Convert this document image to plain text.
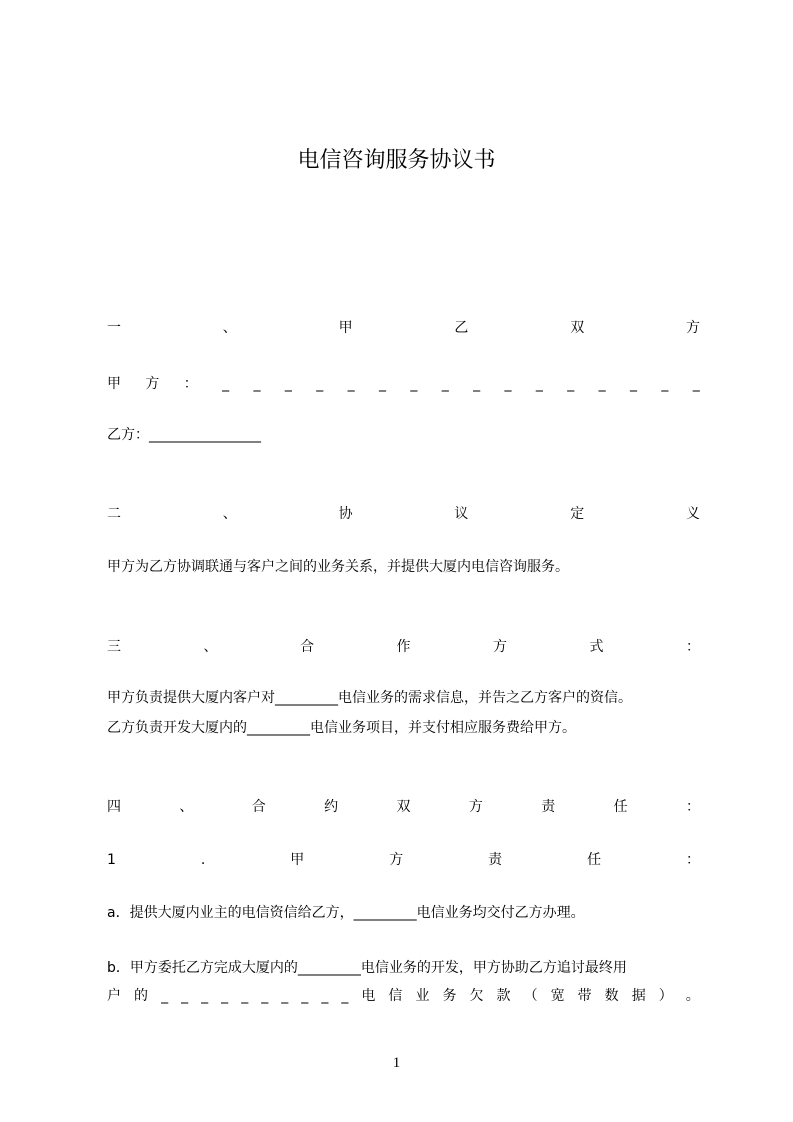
电信咨询服务协议书
一	、	甲	乙	双	方
甲 方 ： _ _ _ _ _ _ _ _ _ _ _ _ _ _ _ _
乙方：________________
二	、	协	议	定	义
甲方为乙方协调联通与客户之间的业务关系，并提供大厦内电信咨询服务。
三	、	合	作	方	式	：
甲方负责提供大厦内客户对_________电信业务的需求信息，并告之乙方客户的资信。
乙方负责开发大厦内的_________电信业务项目，并支付相应服务费给甲方。
四	、	合	约	双	方	责	任	：
1	.	甲	方	责	任	：
a．提供大厦内业主的电信资信给乙方，_________电信业务均交付乙方办理。
b．甲方委托乙方完成大厦内的_________电信业务的开发，甲方协助乙方追讨最终用
户 的 _ _ _ _ _ _ _ _ _ _ 电 信 业 务 欠 款 （ 宽 带 数 据 ） 。
1
